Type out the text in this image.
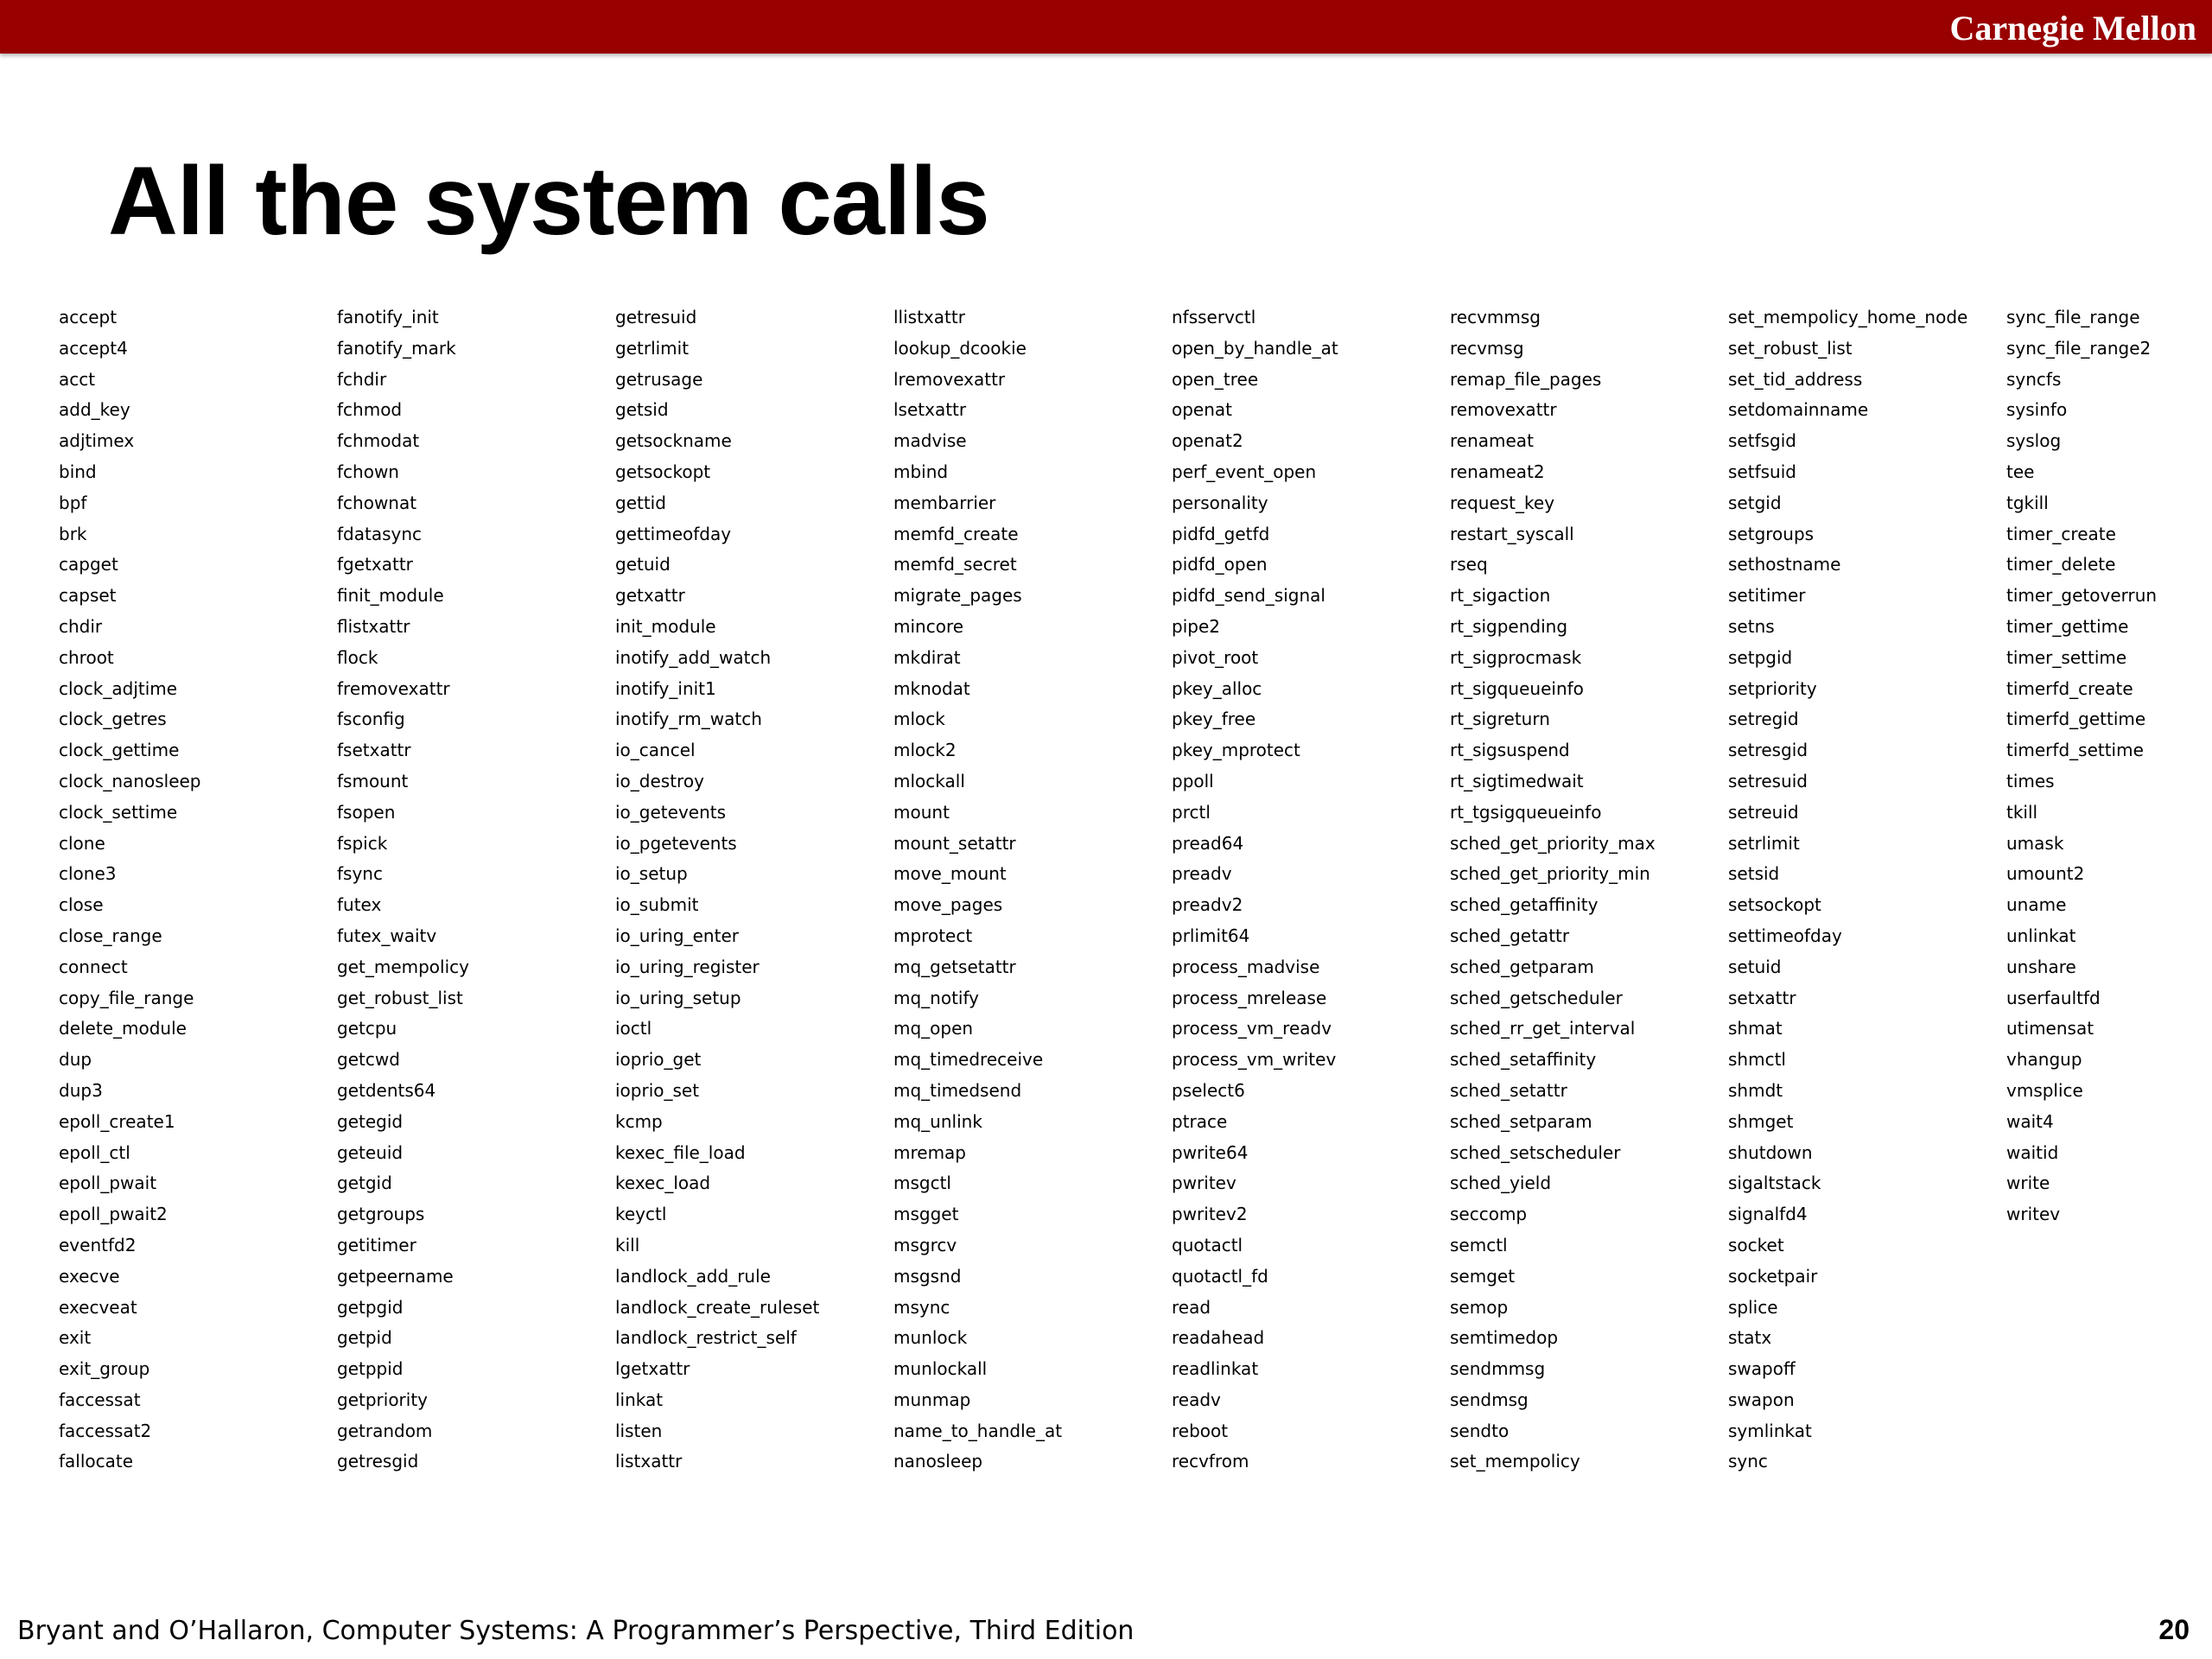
Carnegie Mellon
All the system calls
accept
accept4
acct
add_key
adjtimex
bind
bpf
brk
capget
capset
chdir
chroot
clock_adjtime
clock_getres
clock_gettime
clock_nanosleep
clock_settime
clone
clone3
close
close_range
connect
copy_file_range
delete_module
dup
dup3
epoll_create1
epoll_ctl
epoll_pwait
epoll_pwait2
eventfd2
execve
execveat
exit
exit_group
faccessat
faccessat2
fallocate
fanotify_init
fanotify_mark
fchdir
fchmod
fchmodat
fchown
fchownat
fdatasync
fgetxattr
finit_module
flistxattr
flock
fremovexattr
fsconfig
fsetxattr
fsmount
fsopen
fspick
fsync
futex
futex_waitv
get_mempolicy
get_robust_list
getcpu
getcwd
getdents64
getegid
geteuid
getgid
getgroups
getitimer
getpeername
getpgid
getpid
getppid
getpriority
getrandom
getresgid
getresuid
getrlimit
getrusage
getsid
getsockname
getsockopt
gettid
gettimeofday
getuid
getxattr
init_module
inotify_add_watch
inotify_init1
inotify_rm_watch
io_cancel
io_destroy
io_getevents
io_pgetevents
io_setup
io_submit
io_uring_enter
io_uring_register
io_uring_setup
ioctl
ioprio_get
ioprio_set
kcmp
kexec_file_load
kexec_load
keyctl
kill
landlock_add_rule
landlock_create_ruleset
landlock_restrict_self
lgetxattr
linkat
listen
listxattr
llistxattr
lookup_dcookie
lremovexattr
lsetxattr
madvise
mbind
membarrier
memfd_create
memfd_secret
migrate_pages
mincore
mkdirat
mknodat
mlock
mlock2
mlockall
mount
mount_setattr
move_mount
move_pages
mprotect
mq_getsetattr
mq_notify
mq_open
mq_timedreceive
mq_timedsend
mq_unlink
mremap
msgctl
msgget
msgrcv
msgsnd
msync
munlock
munlockall
munmap
name_to_handle_at
nanosleep
nfsservctl
open_by_handle_at
open_tree
openat
openat2
perf_event_open
personality
pidfd_getfd
pidfd_open
pidfd_send_signal
pipe2
pivot_root
pkey_alloc
pkey_free
pkey_mprotect
ppoll
prctl
pread64
preadv
preadv2
prlimit64
process_madvise
process_mrelease
process_vm_readv
process_vm_writev
pselect6
ptrace
pwrite64
pwritev
pwritev2
quotactl
quotactl_fd
read
readahead
readlinkat
readv
reboot
recvfrom
recvmmsg
recvmsg
remap_file_pages
removexattr
renameat
renameat2
request_key
restart_syscall
rseq
rt_sigaction
rt_sigpending
rt_sigprocmask
rt_sigqueueinfo
rt_sigreturn
rt_sigsuspend
rt_sigtimedwait
rt_tgsigqueueinfo
sched_get_priority_max
sched_get_priority_min
sched_getaffinity
sched_getattr
sched_getparam
sched_getscheduler
sched_rr_get_interval
sched_setaffinity
sched_setattr
sched_setparam
sched_setscheduler
sched_yield
seccomp
semctl
semget
semop
semtimedop
sendmmsg
sendmsg
sendto
set_mempolicy
set_mempolicy_home_node
set_robust_list
set_tid_address
setdomainname
setfsgid
setfsuid
setgid
setgroups
sethostname
setitimer
setns
setpgid
setpriority
setregid
setresgid
setresuid
setreuid
setrlimit
setsid
setsockopt
settimeofday
setuid
setxattr
shmat
shmctl
shmdt
shmget
shutdown
sigaltstack
signalfd4
socket
socketpair
splice
statx
swapoff
swapon
symlinkat
sync
sync_file_range
sync_file_range2
syncfs
sysinfo
syslog
tee
tgkill
timer_create
timer_delete
timer_getoverrun
timer_gettime
timer_settime
timerfd_create
timerfd_gettime
timerfd_settime
times
tkill
umask
umount2
uname
unlinkat
unshare
userfaultfd
utimensat
vhangup
vmsplice
wait4
waitid
write
writev
Bryant and O’Hallaron, Computer Systems: A Programmer’s Perspective, Third Edition	20
